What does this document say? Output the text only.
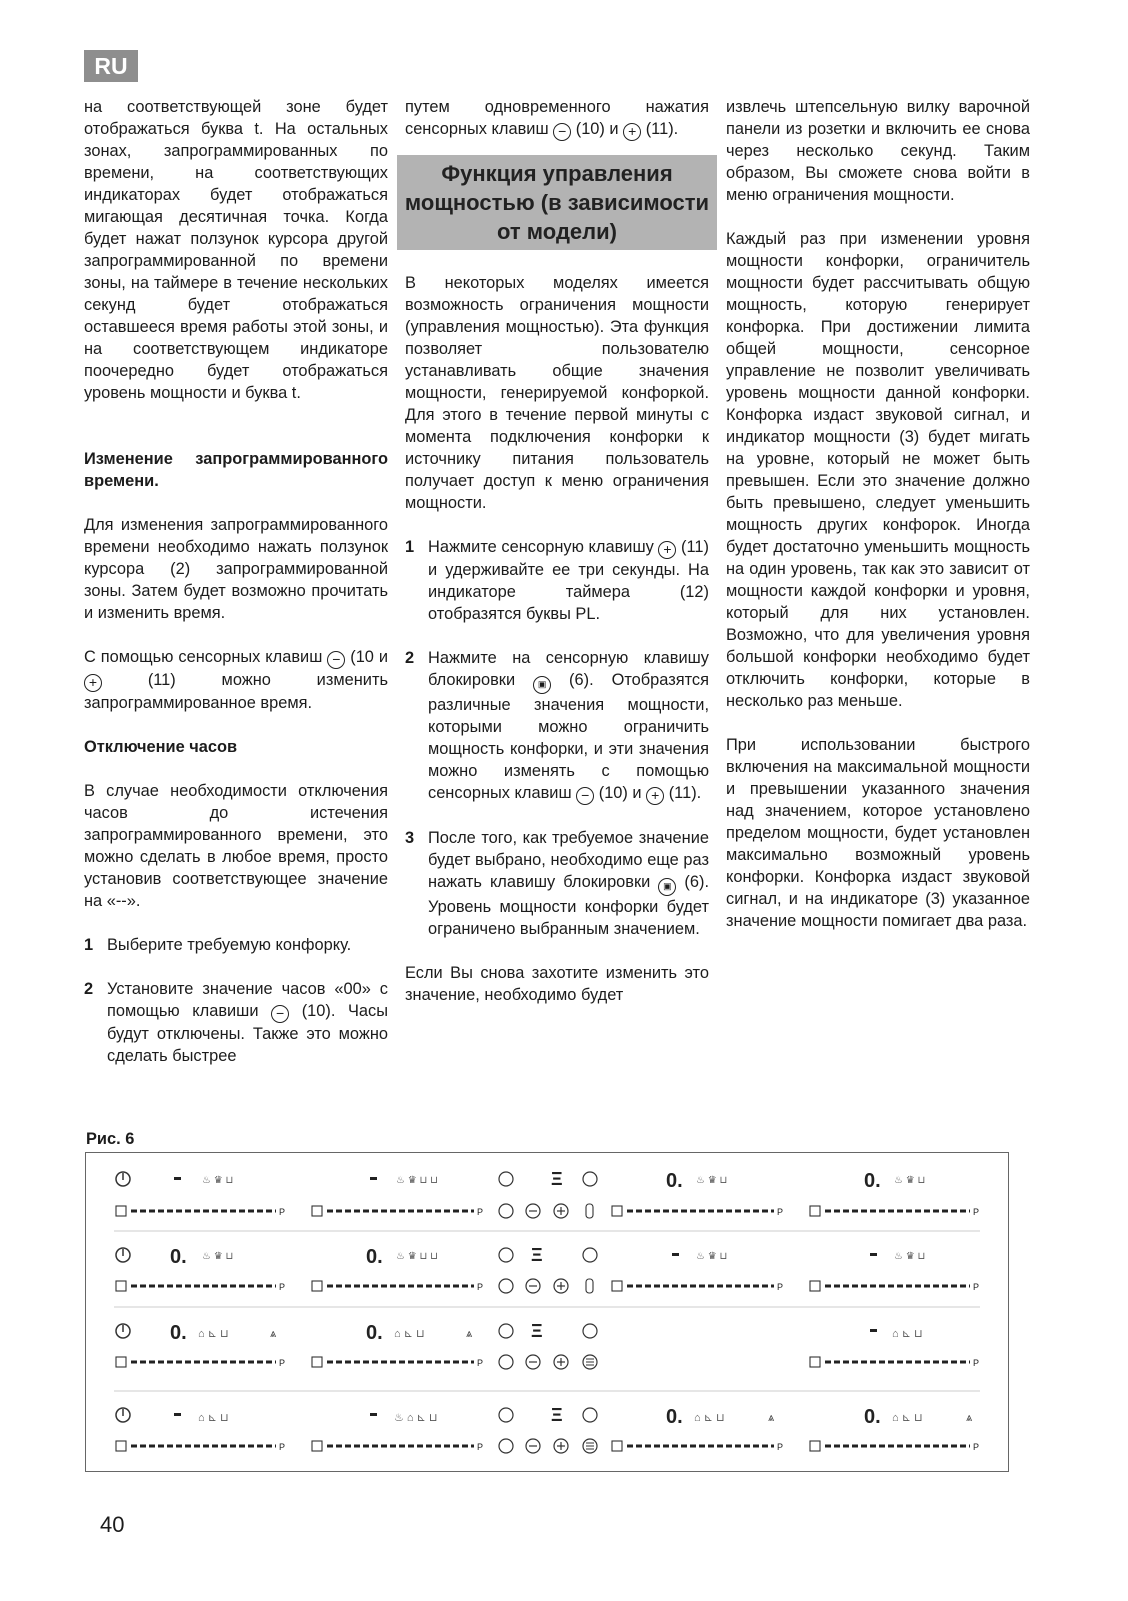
RU

на соответствующей зоне будет отображаться буква t. На остальных зонах, запрограммированных по времени, на соответствующих индикаторах будет отображаться мигающая десятичная точка. Когда будет нажат ползунок курсора другой запрограммированной по времени зоны, на таймере в течение нескольких секунд будет отображаться оставшееся время работы этой зоны, и на соответствующем индикаторе поочередно будет отображаться уровень мощности и буква t.

Изменение запрограммированного времени.

Для изменения запрограммированного времени необходимо нажать ползунок курсора (2) запрограммированной зоны. Затем будет возможно прочитать и изменить время.

С помощью сенсорных клавиш − (10 и +	(11) можно изменить запрограммированное время.

Отключение часов

В случае необходимости отключения часов до истечения запрограммированного времени, это можно сделать в любое время, просто установив соответствующее значение на «--».

1 Выберите требуемую конфорку.
2 Установите значение часов «00» с помощью клавиши − (10). Часы будут отключены. Также это можно сделать быстрее

путем одновременного нажатия сенсорных клавиш − (10) и + (11).

Функция управления мощностью (в зависимости от модели)

В некоторых моделях имеется возможность ограничения мощности (управления мощностью). Эта функция позволяет пользователю устанавливать общие значения мощности, генерируемой конфоркой. Для этого в течение первой минуты с момента подключения конфорки к источнику питания пользователь получает доступ к меню ограничения мощности.

1 Нажмите сенсорную клавишу + (11) и удерживайте ее три секунды. На индикаторе таймера (12) отобразятся буквы PL.
2 Нажмите на сенсорную клавишу блокировки	▣ (6). Отобразятся различные значения мощности, которыми можно ограничить мощность конфорки, и эти значения можно изменять с помощью сенсорных клавиш − (10) и + (11).
3 После того, как требуемое значение будет выбрано, необходимо еще раз нажать клавишу блокировки ▣ (6). Уровень мощности конфорки будет ограничено выбранным значением.

Если Вы снова захотите изменить это значение, необходимо будет

извлечь штепсельную вилку варочной панели из розетки и включить ее снова через несколько секунд. Таким образом, Вы сможете снова войти в меню ограничения мощности.

Каждый раз при изменении уровня мощности конфорки, ограничитель мощности будет рассчитывать общую мощность, которую генерирует конфорка. При достижении лимита общей мощности, сенсорное управление не позволит увеличивать уровень мощности данной конфорки. Конфорка издаст звуковой сигнал, и индикатор мощности (3) будет мигать на уровне, который не может быть превышен. Если это значение должно быть превышено, следует уменьшить мощность других конфорок. Иногда будет достаточно уменьшить мощность на один уровень, так как это зависит от мощности каждой конфорки и уровня, который для них установлен. Возможно, что для увеличения уровня большой конфорки необходимо будет отключить конфорки, которые в несколько раз меньше.

При использовании быстрого включения на максимальной мощности и превышении указанного значения над значением, которое установлено пределом мощности, будет установлен максимально возможный уровень конфорки. Конфорка издаст звуковой сигнал, и на индикаторе (3) указанное значение мощности помигает два раза.

Рис. 6
♨ ♛ ⊔	♨ ♛ ⊔ ⊔	Ξ	0. ♨ ♛ ⊔	0. ♨ ♛ ⊔
P	P	P	P
0. ♨ ♛ ⊔	0. ♨ ♛ ⊔ ⊔	Ξ	♨ ♛ ⊔	♨ ♛ ⊔
P	P	P	P
0. ⌂ ⊾ ⊔	⩓	0. ⌂ ⊾ ⊔	⩓	Ξ	⌂ ⊾ ⊔
P	P	P
⌂ ⊾ ⊔	♨ ⌂ ⊾ ⊔	Ξ	0. ⌂ ⊾ ⊔	⩓	0. ⌂ ⊾ ⊔	⩓
P	P	P	P
40
